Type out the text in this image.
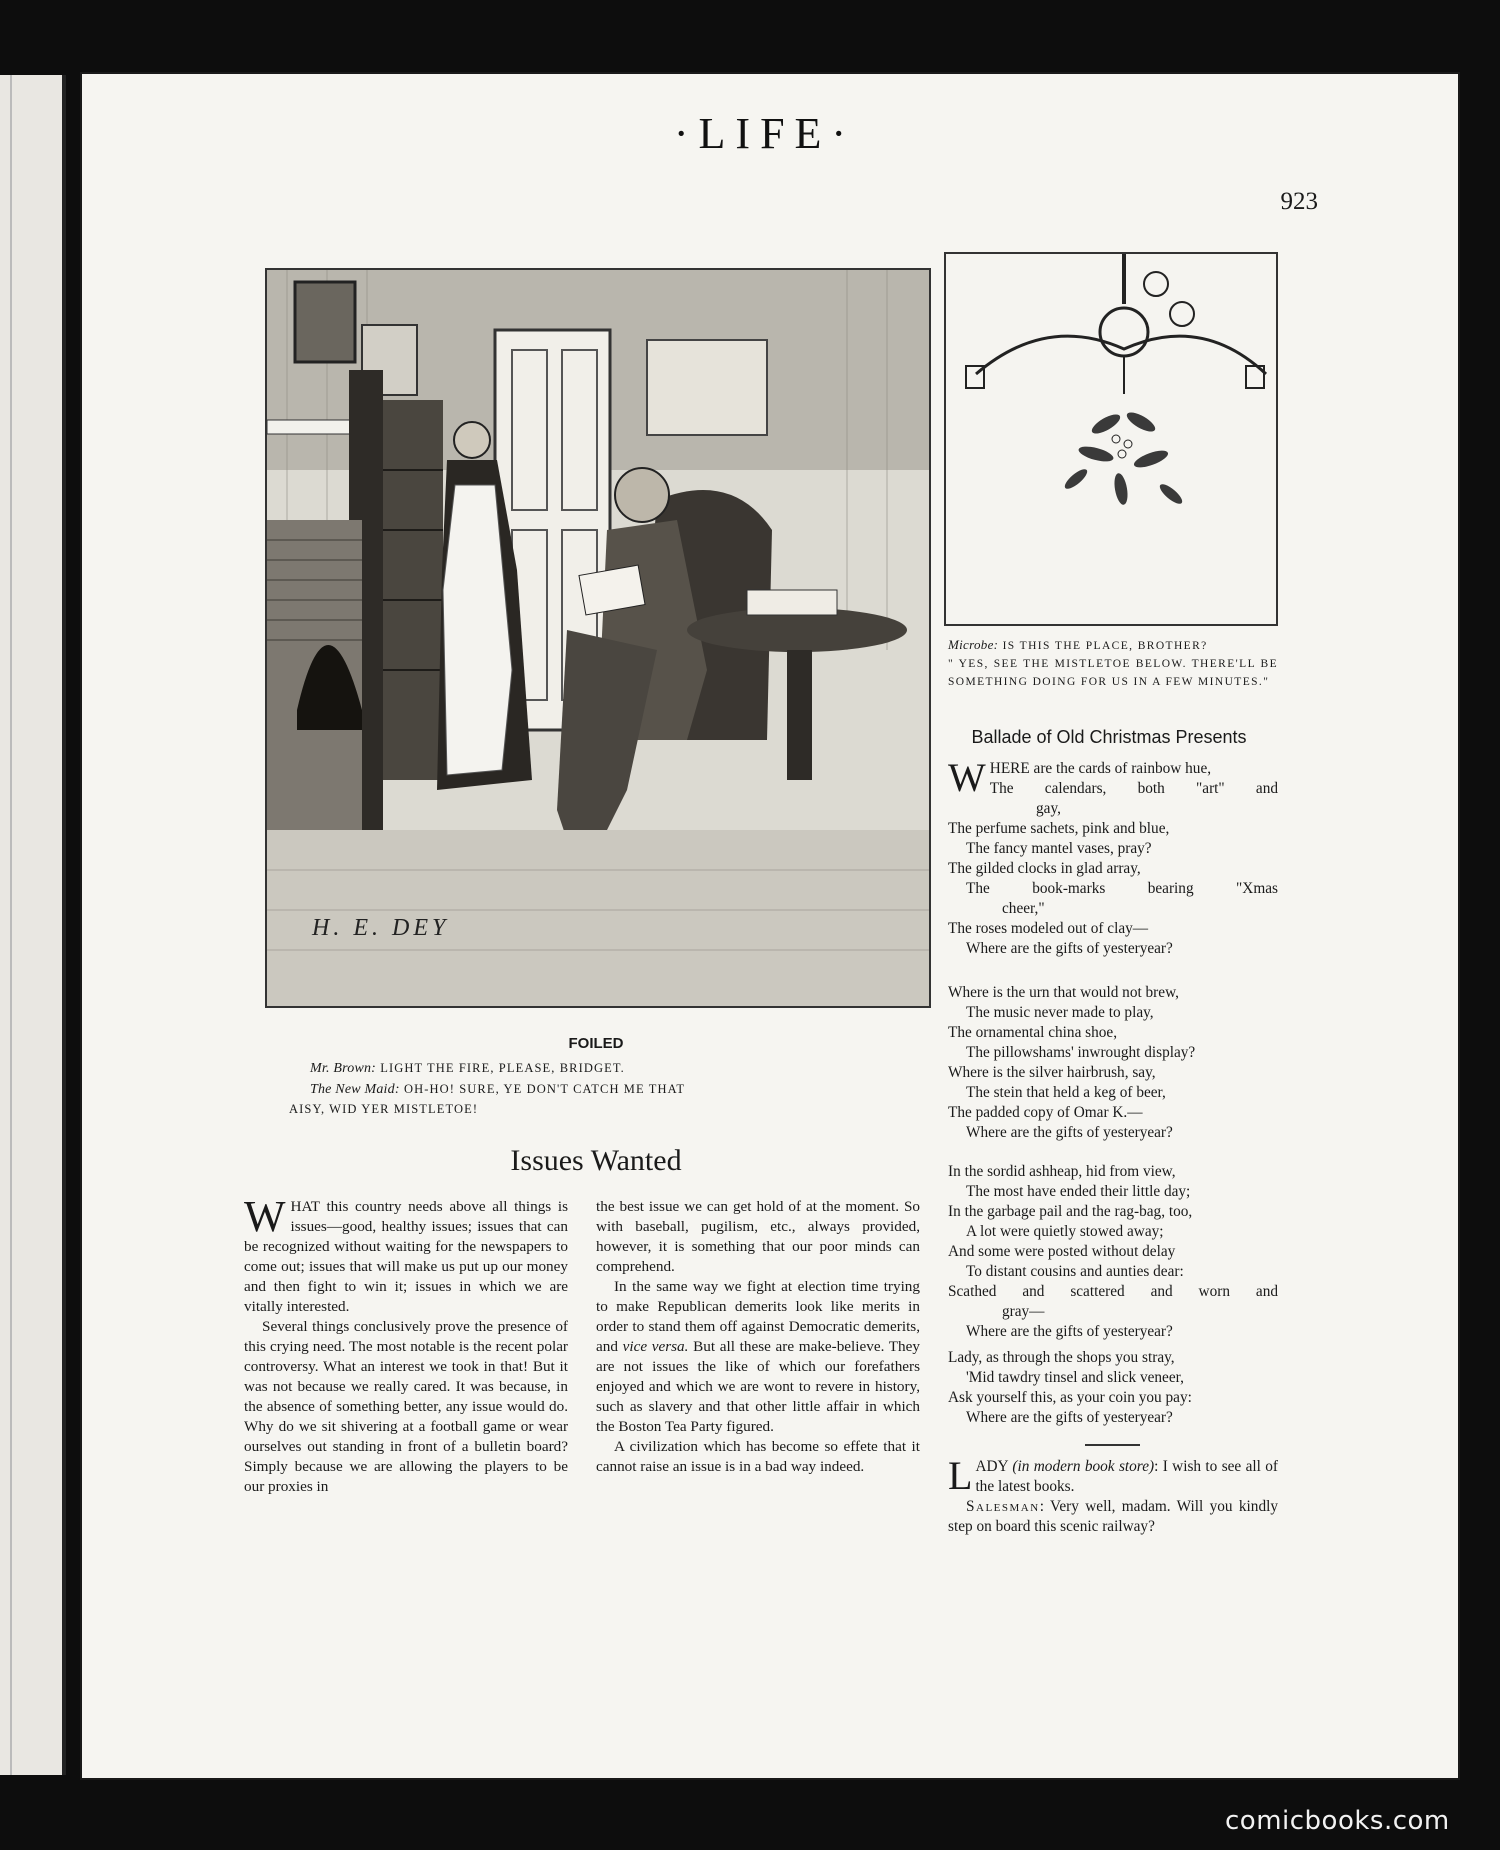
·LIFE·
923
H. E. DEY
FOILED
Mr. Brown: LIGHT THE FIRE, PLEASE, BRIDGET.
The New Maid: OH-HO! SURE, YE DON'T CATCH ME THAT
AISY, WID YER MISTLETOE!
Issues Wanted

WHAT this country needs above all things is issues—good, healthy issues; issues that can be recognized without waiting for the newspapers to come out; issues that will make us put up our money and then fight to win it; issues in which we are vitally interested.

Several things conclusively prove the presence of this crying need. The most notable is the recent polar controversy. What an interest we took in that! But it was not because we really cared. It was because, in the absence of something better, any issue would do. Why do we sit shivering at a football game or wear ourselves out standing in front of a bulletin board? Simply because we are allowing the players to be our proxies in

the best issue we can get hold of at the moment. So with baseball, pugilism, etc., always provided, however, it is something that our poor minds can comprehend.

In the same way we fight at election time trying to make Republican demerits look like merits in order to stand them off against Democratic demerits, and vice versa. But all these are make-believe. They are not issues the like of which our forefathers enjoyed and which we are wont to revere in history, such as slavery and that other little affair in which the Boston Tea Party figured.

A civilization which has become so effete that it cannot raise an issue is in a bad way indeed.

Microbe: IS THIS THE PLACE, BROTHER?
" YES, SEE THE MISTLETOE BELOW. THERE'LL BE SOMETHING DOING FOR US IN A FEW MINUTES."
Ballade of Old Christmas Presents
WHERE are the cards of rainbow hue,
The calendars, both "art" and
gay,
The perfume sachets, pink and blue,
The fancy mantel vases, pray?
The gilded clocks in glad array,
The book-marks bearing "Xmas
cheer,"
The roses modeled out of clay—
Where are the gifts of yesteryear?
Where is the urn that would not brew,
The music never made to play,
The ornamental china shoe,
The pillowshams' inwrought display?
Where is the silver hairbrush, say,
The stein that held a keg of beer,
The padded copy of Omar K.—
Where are the gifts of yesteryear?
In the sordid ashheap, hid from view,
The most have ended their little day;
In the garbage pail and the rag-bag, too,
A lot were quietly stowed away;
And some were posted without delay
To distant cousins and aunties dear:
Scathed and scattered and worn and
gray—
Where are the gifts of yesteryear?
Lady, as through the shops you stray,
'Mid tawdry tinsel and slick veneer,
Ask yourself this, as your coin you pay:
Where are the gifts of yesteryear?

LADY (in modern book store): I wish to see all of the latest books.

Salesman: Very well, madam. Will you kindly step on board this scenic railway?

comicbooks.com
